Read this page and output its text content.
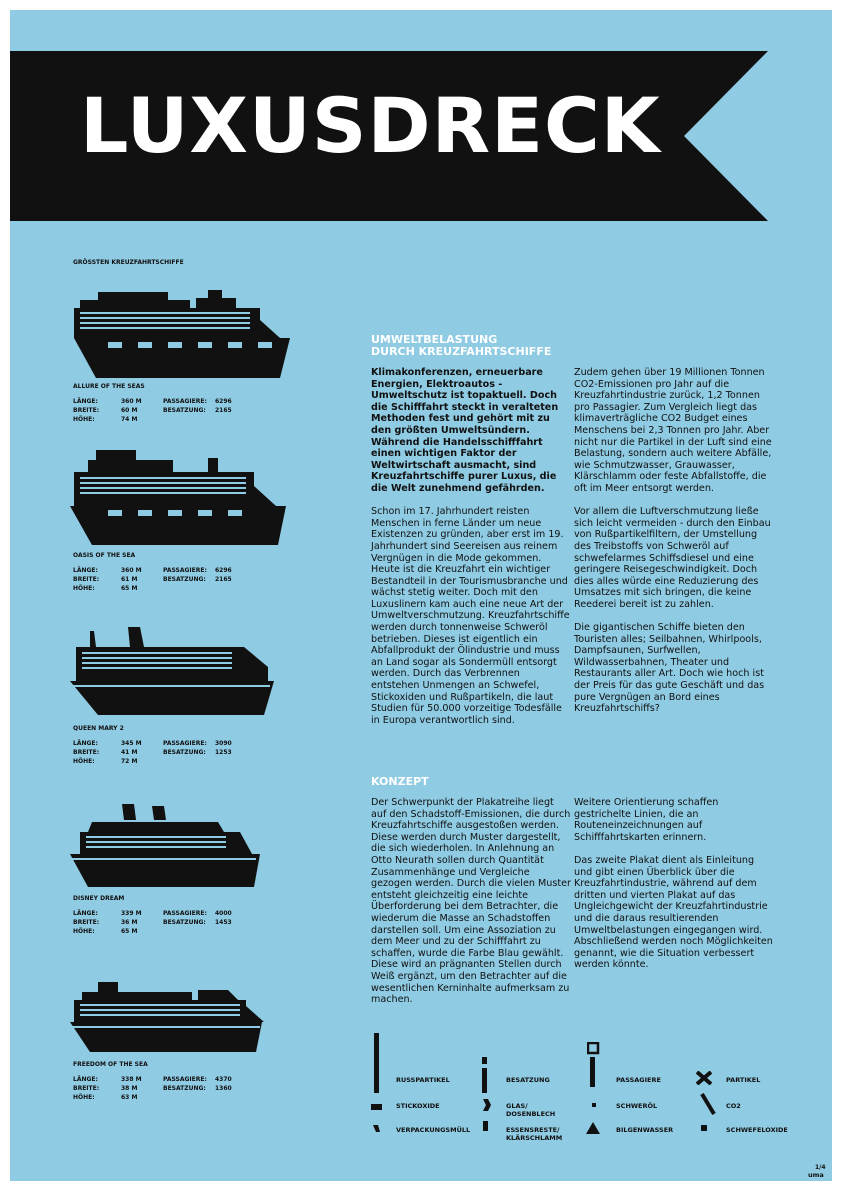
LUXUSDRECK
GRÖSSTEN KREUZFAHRTSCHIFFE
ALLURE OF THE SEAS
LÄNGE:	360 M	PASSAGIERE:	6296
BREITE:	60 M	BESATZUNG:	2165
HÖHE:	74 M
OASIS OF THE SEA
LÄNGE:	360 M	PASSAGIERE:	6296
BREITE:	61 M	BESATZUNG:	2165
HÖHE:	65 M
QUEEN MARY 2
LÄNGE:	345 M	PASSAGIERE:	3090
BREITE:	41 M	BESATZUNG:	1253
HÖHE:	72 M
DISNEY DREAM
LÄNGE:	339 M	PASSAGIERE:	4000
BREITE:	36 M	BESATZUNG:	1453
HÖHE:	65 M
FREEDOM OF THE SEA
LÄNGE:	338 M	PASSAGIERE:	4370
BREITE:	38 M	BESATZUNG:	1360
HÖHE:	63 M
UMWELTBELASTUNG
DURCH KREUZFAHRTSCHIFFE

Klimakonferenzen, erneuerbare Energien, Elektroautos - Umweltschutz ist topaktuell. Doch die Schifffahrt steckt in veralteten Methoden fest und gehört mit zu den größten Umweltsündern. Während die Handelsschifffahrt einen wichtigen Faktor der Weltwirtschaft ausmacht, sind Kreuzfahrtschiffe purer Luxus, die die Welt zunehmend gefährden.

Schon im 17. Jahrhundert reisten Menschen in ferne Länder um neue Existenzen zu gründen, aber erst im 19. Jahrhundert sind Seereisen aus reinem Vergnügen in die Mode gekommen. Heute ist die Kreuzfahrt ein wichtiger Bestandteil in der Tourismusbranche und wächst stetig weiter. Doch mit den Luxuslinern kam auch eine neue Art der Umweltverschmutzung. Kreuzfahrtschiffe werden durch tonnenweise Schweröl betrieben. Dieses ist eigentlich ein Abfallprodukt der Ölindustrie und muss an Land sogar als Sondermüll entsorgt werden. Durch das Verbrennen entstehen Unmengen an Schwefel, Stickoxiden und Rußpartikeln, die laut Studien für 50.000 vorzeitige Todesfälle in Europa verantwortlich sind.

Zudem gehen über 19 Millionen Tonnen CO2-Emissionen pro Jahr auf die Kreuzfahrtindustrie zurück, 1,2 Tonnen pro Passagier. Zum Vergleich liegt das klimaverträgliche CO2 Budget eines Menschens bei 2,3 Tonnen pro Jahr. Aber nicht nur die Partikel in der Luft sind eine Belastung, sondern auch weitere Abfälle, wie Schmutzwasser, Grauwasser, Klärschlamm oder feste Abfallstoffe, die oft im Meer entsorgt werden.

Vor allem die Luftverschmutzung ließe sich leicht vermeiden - durch den Einbau von Rußpartikelfiltern, der Umstellung des Treibstoffs von Schweröl auf schwefelarmes Schiffsdiesel und eine geringere Reisegeschwindigkeit. Doch dies alles würde eine Reduzierung des Umsatzes mit sich bringen, die keine Reederei bereit ist zu zahlen.

Die gigantischen Schiffe bieten den Touristen alles; Seilbahnen, Whirlpools, Dampfsaunen, Surfwellen, Wildwasserbahnen, Theater und Restaurants aller Art. Doch wie hoch ist der Preis für das gute Geschäft und das pure Vergnügen an Bord eines Kreuzfahrtschiffs?

KONZEPT

Der Schwerpunkt der Plakatreihe liegt auf den Schadstoff-Emissionen, die durch Kreuzfahrtschiffe ausgestoßen werden. Diese werden durch Muster dargestellt, die sich wiederholen. In Anlehnung an Otto Neurath sollen durch Quantität Zusammenhänge und Vergleiche gezogen werden. Durch die vielen Muster entsteht gleichzeitig eine leichte Überforderung bei dem Betrachter, die wiederum die Masse an Schadstoffen darstellen soll. Um eine Assoziation zu dem Meer und zu der Schifffahrt zu schaffen, wurde die Farbe Blau gewählt. Diese wird an prägnanten Stellen durch Weiß ergänzt, um den Betrachter auf die wesentlichen Kerninhalte aufmerksam zu machen.

Weitere Orientierung schaffen gestrichelte Linien, die an Routeneinzeichnungen auf Schifffahrtskarten erinnern.

Das zweite Plakat dient als Einleitung und gibt einen Überblick über die Kreuzfahrtindustrie, während auf dem dritten und vierten Plakat auf das Ungleichgewicht der Kreuzfahrtindustrie und die daraus resultierenden Umweltbelastungen eingegangen wird. Abschließend werden noch Möglichkeiten genannt, wie die Situation verbessert werden könnte.

RUSSPARTIKEL	BESATZUNG	PASSAGIERE	PARTIKEL
STICKOXIDE	GLAS/
DOSENBLECH
SCHWERÖL	CO2
VERPACKUNGSMÜLL	ESSENSRESTE/
KLÄRSCHLAMM
BILGENWASSER	SCHWEFELOXIDE
1/4
uma
